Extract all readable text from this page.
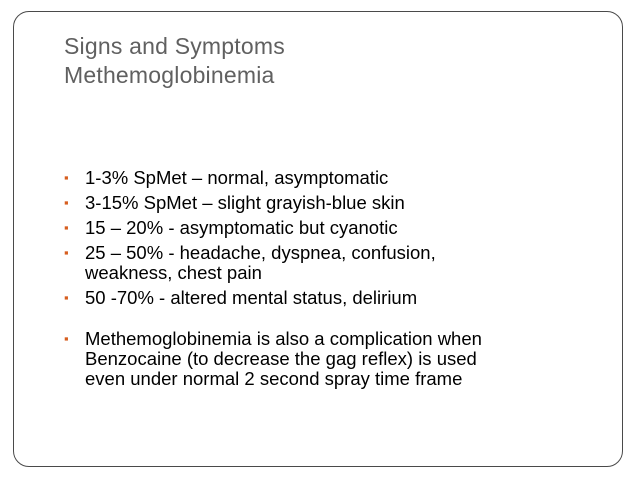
Signs and Symptoms
Methemoglobinemia
▪ 1-3% SpMet – normal, asymptomatic
▪ 3-15% SpMet – slight grayish-blue skin
▪ 15 – 20% - asymptomatic but cyanotic
▪ 25 – 50% - headache, dyspnea, confusion,
weakness, chest pain
▪ 50 -70% - altered mental status, delirium
▪ Methemoglobinemia is also a complication when
Benzocaine (to decrease the gag reflex) is used
even under normal 2 second spray time frame
